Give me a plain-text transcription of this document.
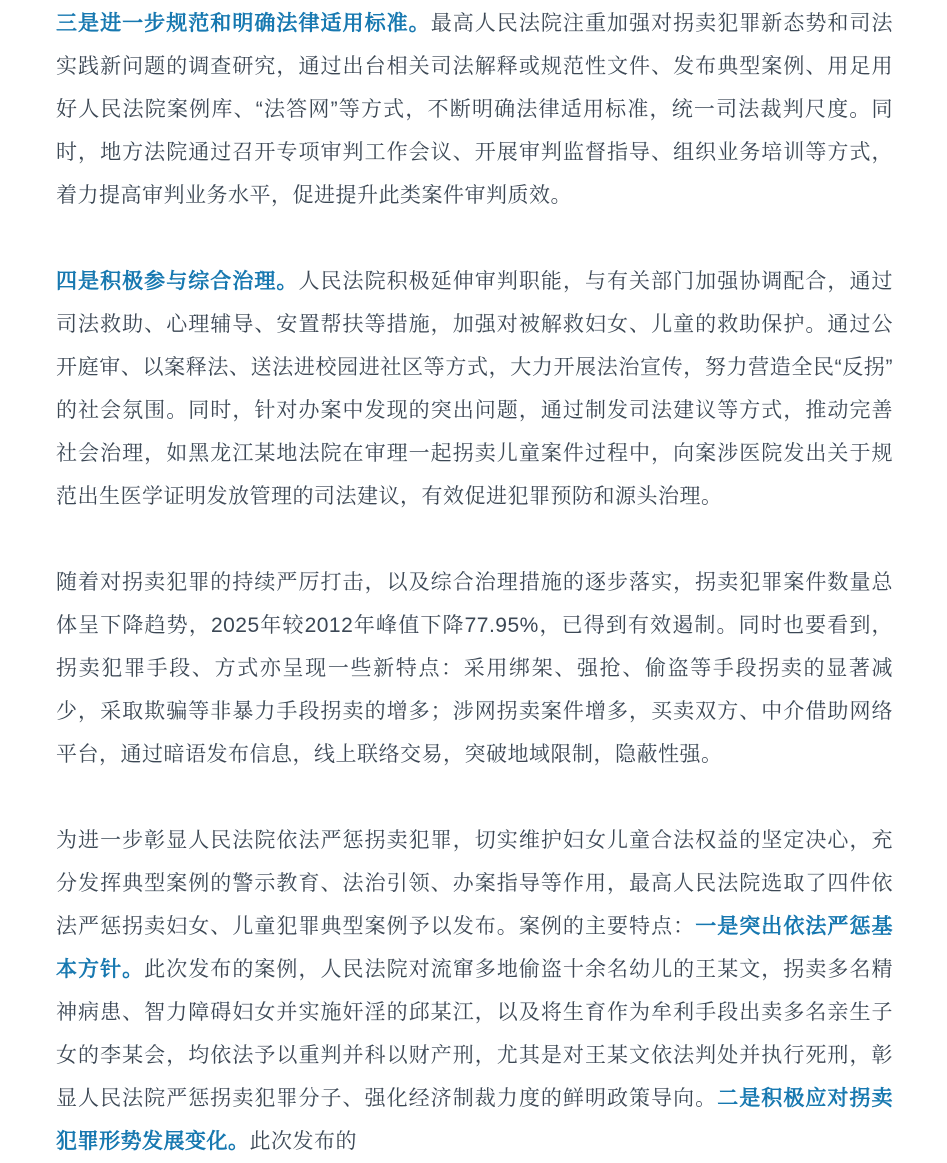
三是进一步规范和明确法律适用标准。最高人民法院注重加强对拐卖犯罪新态势和司法实践新问题的调查研究，通过出台相关司法解释或规范性文件、发布典型案例、用足用好人民法院案例库、“法答网”等方式，不断明确法律适用标准，统一司法裁判尺度。同时，地方法院通过召开专项审判工作会议、开展审判监督指导、组织业务培训等方式，着力提高审判业务水平，促进提升此类案件审判质效。

四是积极参与综合治理。人民法院积极延伸审判职能，与有关部门加强协调配合，通过司法救助、心理辅导、安置帮扶等措施，加强对被解救妇女、儿童的救助保护。通过公开庭审、以案释法、送法进校园进社区等方式，大力开展法治宣传，努力营造全民“反拐”的社会氛围。同时，针对办案中发现的突出问题，通过制发司法建议等方式，推动完善社会治理，如黑龙江某地法院在审理一起拐卖儿童案件过程中，向案涉医院发出关于规范出生医学证明发放管理的司法建议，有效促进犯罪预防和源头治理。

随着对拐卖犯罪的持续严厉打击，以及综合治理措施的逐步落实，拐卖犯罪案件数量总体呈下降趋势，2025年较2012年峰值下降77.95%，已得到有效遏制。同时也要看到，拐卖犯罪手段、方式亦呈现一些新特点：采用绑架、强抢、偷盗等手段拐卖的显著减少，采取欺骗等非暴力手段拐卖的增多；涉网拐卖案件增多，买卖双方、中介借助网络平台，通过暗语发布信息，线上联络交易，突破地域限制，隐蔽性强。

为进一步彰显人民法院依法严惩拐卖犯罪，切实维护妇女儿童合法权益的坚定决心，充分发挥典型案例的警示教育、法治引领、办案指导等作用，最高人民法院选取了四件依法严惩拐卖妇女、儿童犯罪典型案例予以发布。案例的主要特点：一是突出依法严惩基本方针。此次发布的案例，人民法院对流窜多地偷盗十余名幼儿的王某文，拐卖多名精神病患、智力障碍妇女并实施奸淫的邱某江，以及将生育作为牟利手段出卖多名亲生子女的李某会，均依法予以重判并科以财产刑，尤其是对王某文依法判处并执行死刑，彰显人民法院严惩拐卖犯罪分子、强化经济制裁力度的鲜明政策导向。二是积极应对拐卖犯罪形势发展变化。此次发布的
